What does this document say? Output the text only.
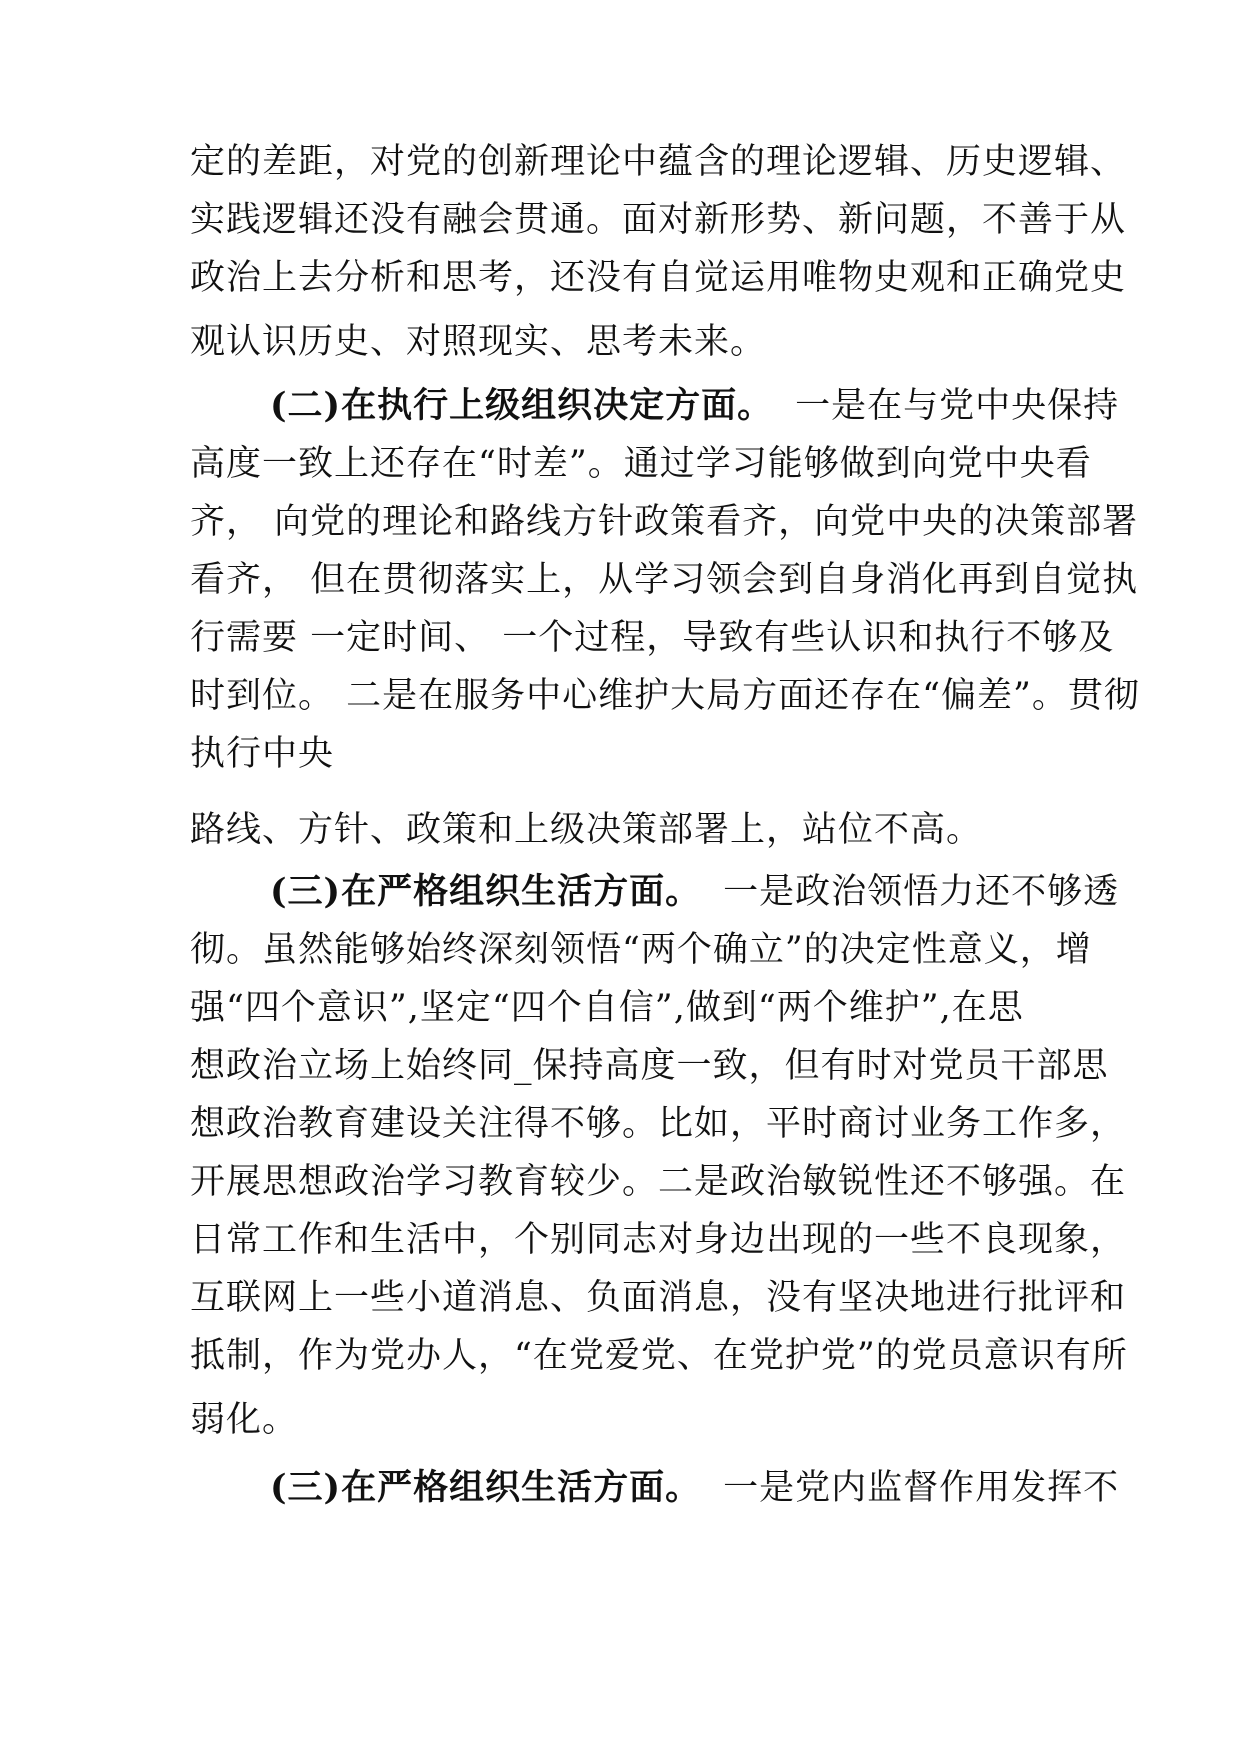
定的差距，对党的创新理论中蕴含的理论逻辑、历史逻辑、

实践逻辑还没有融会贯通。面对新形势、新问题，不善于从

政治上去分析和思考，还没有自觉运用唯物史观和正确党史

观认识历史、对照现实、思考未来。

(二)在执行上级组织决定方面。 一是在与党中央保持

高度一致上还存在“时差”。通过学习能够做到向党中央看

齐， 向党的理论和路线方针政策看齐，向党中央的决策部署

看齐， 但在贯彻落实上，从学习领会到自身消化再到自觉执

行需要 一定时间、 一个过程，导致有些认识和执行不够及

时到位。 二是在服务中心维护大局方面还存在“偏差”。贯彻

执行中央

路线、方针、政策和上级决策部署上，站位不高。

(三)在严格组织生活方面。 一是政治领悟力还不够透

彻。虽然能够始终深刻领悟“两个确立”的决定性意义，增

强“四个意识”,坚定“四个自信”,做到“两个维护”,在思

想政治立场上始终同_保持高度一致，但有时对党员干部思

想政治教育建设关注得不够。比如，平时商讨业务工作多，

开展思想政治学习教育较少。二是政治敏锐性还不够强。在

日常工作和生活中，个别同志对身边出现的一些不良现象，

互联网上一些小道消息、负面消息，没有坚决地进行批评和

抵制，作为党办人，“在党爱党、在党护党”的党员意识有所

弱化。

(三)在严格组织生活方面。 一是党内监督作用发挥不
